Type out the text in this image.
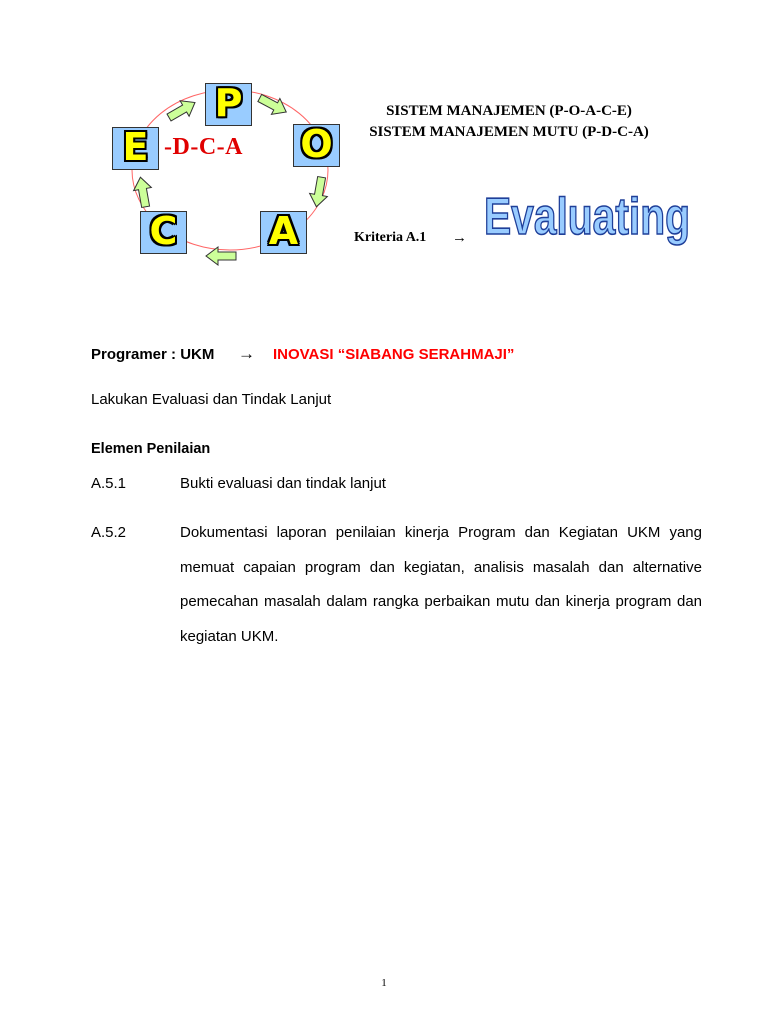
P
O
A
C
E -D-C-A
SISTEM MANAJEMEN (P-O-A-C-E)
SISTEM MANAJEMEN MUTU (P-D-C-A)
Kriteria A.1 → Evaluating
Programer : UKM → INOVASI “SIABANG SERAHMAJI”
Lakukan Evaluasi dan Tindak Lanjut
Elemen Penilaian
A.5.1	Bukti evaluasi dan tindak lanjut
A.5.2	Dokumentasi laporan penilaian kinerja Program dan Kegiatan UKM yang memuat capaian program dan kegiatan, analisis masalah dan alternative pemecahan masalah dalam rangka perbaikan mutu dan kinerja program dan kegiatan UKM.
1
